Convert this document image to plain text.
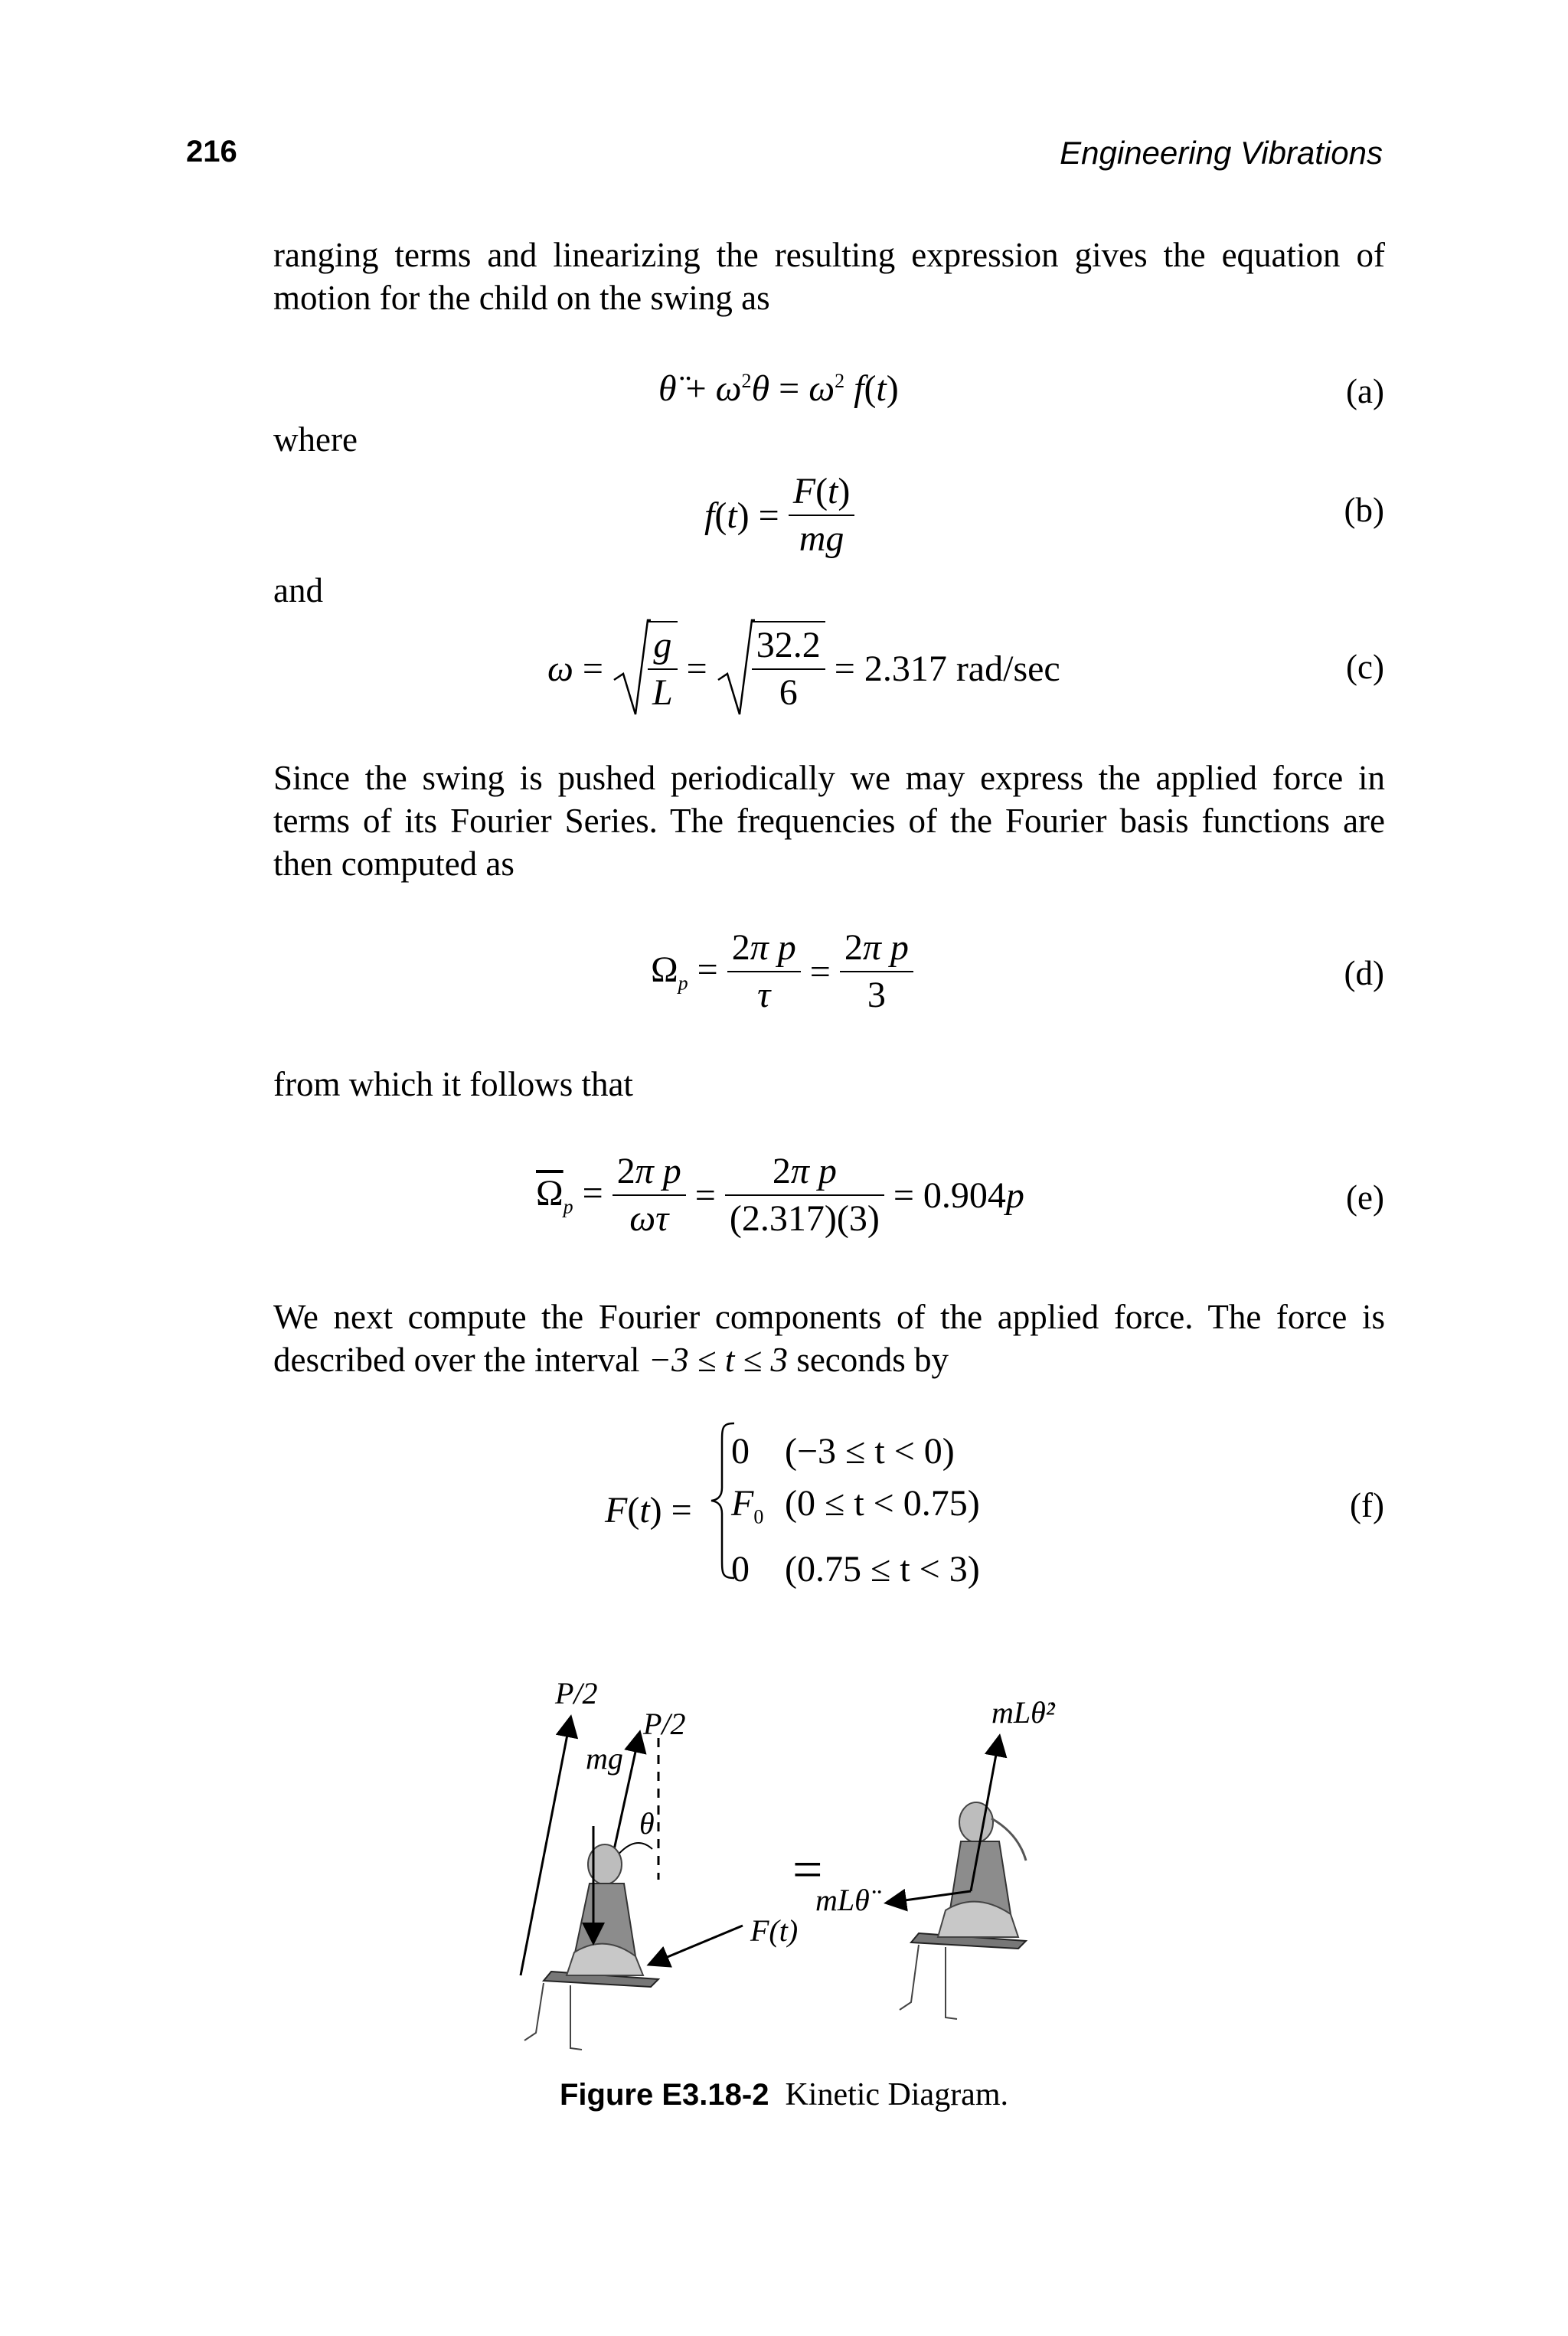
216	Engineering Vibrations
ranging terms and linearizing the resulting expression gives the equation of motion for the child on the swing as
θ̈ + $\omega^2\theta = \omega^2$ f(t)	(a)
where
$f(t) = \frac{F(t)}{mg}$	(b)
and
$\omega = \frac{g}{L} = \frac{32.2}{6} = 2.317$ rad/sec	(c)
Since the swing is pushed periodically we may express the applied force in terms of its Fourier Series. The frequencies of the Fourier basis functions are then computed as
$\Omega_p = \frac{\text{2π p}}{\tau} = \frac{\text{2π p}}{3}$	(d)
from which it follows that
$\overline{\Omega}_p = \frac{\text{2π p}}{\omega\tau} = \frac{\text{2π p}}{(2.317)(3)} = 0.904p$	(e)
We next compute the Fourier components of the applied force. The force is described over the interval −3 ≤ t ≤ 3 seconds by
F(t) =
0 (−3 ≤ t < 0)
$F_0$ (0 ≤ t < 0.75)
0 (0.75 ≤ t < 3)
(f)
P/2
P/2
mg
θ
F(t)
=
mLθ̇²
mLθ̈
Figure E3.18-2 Kinetic Diagram.
